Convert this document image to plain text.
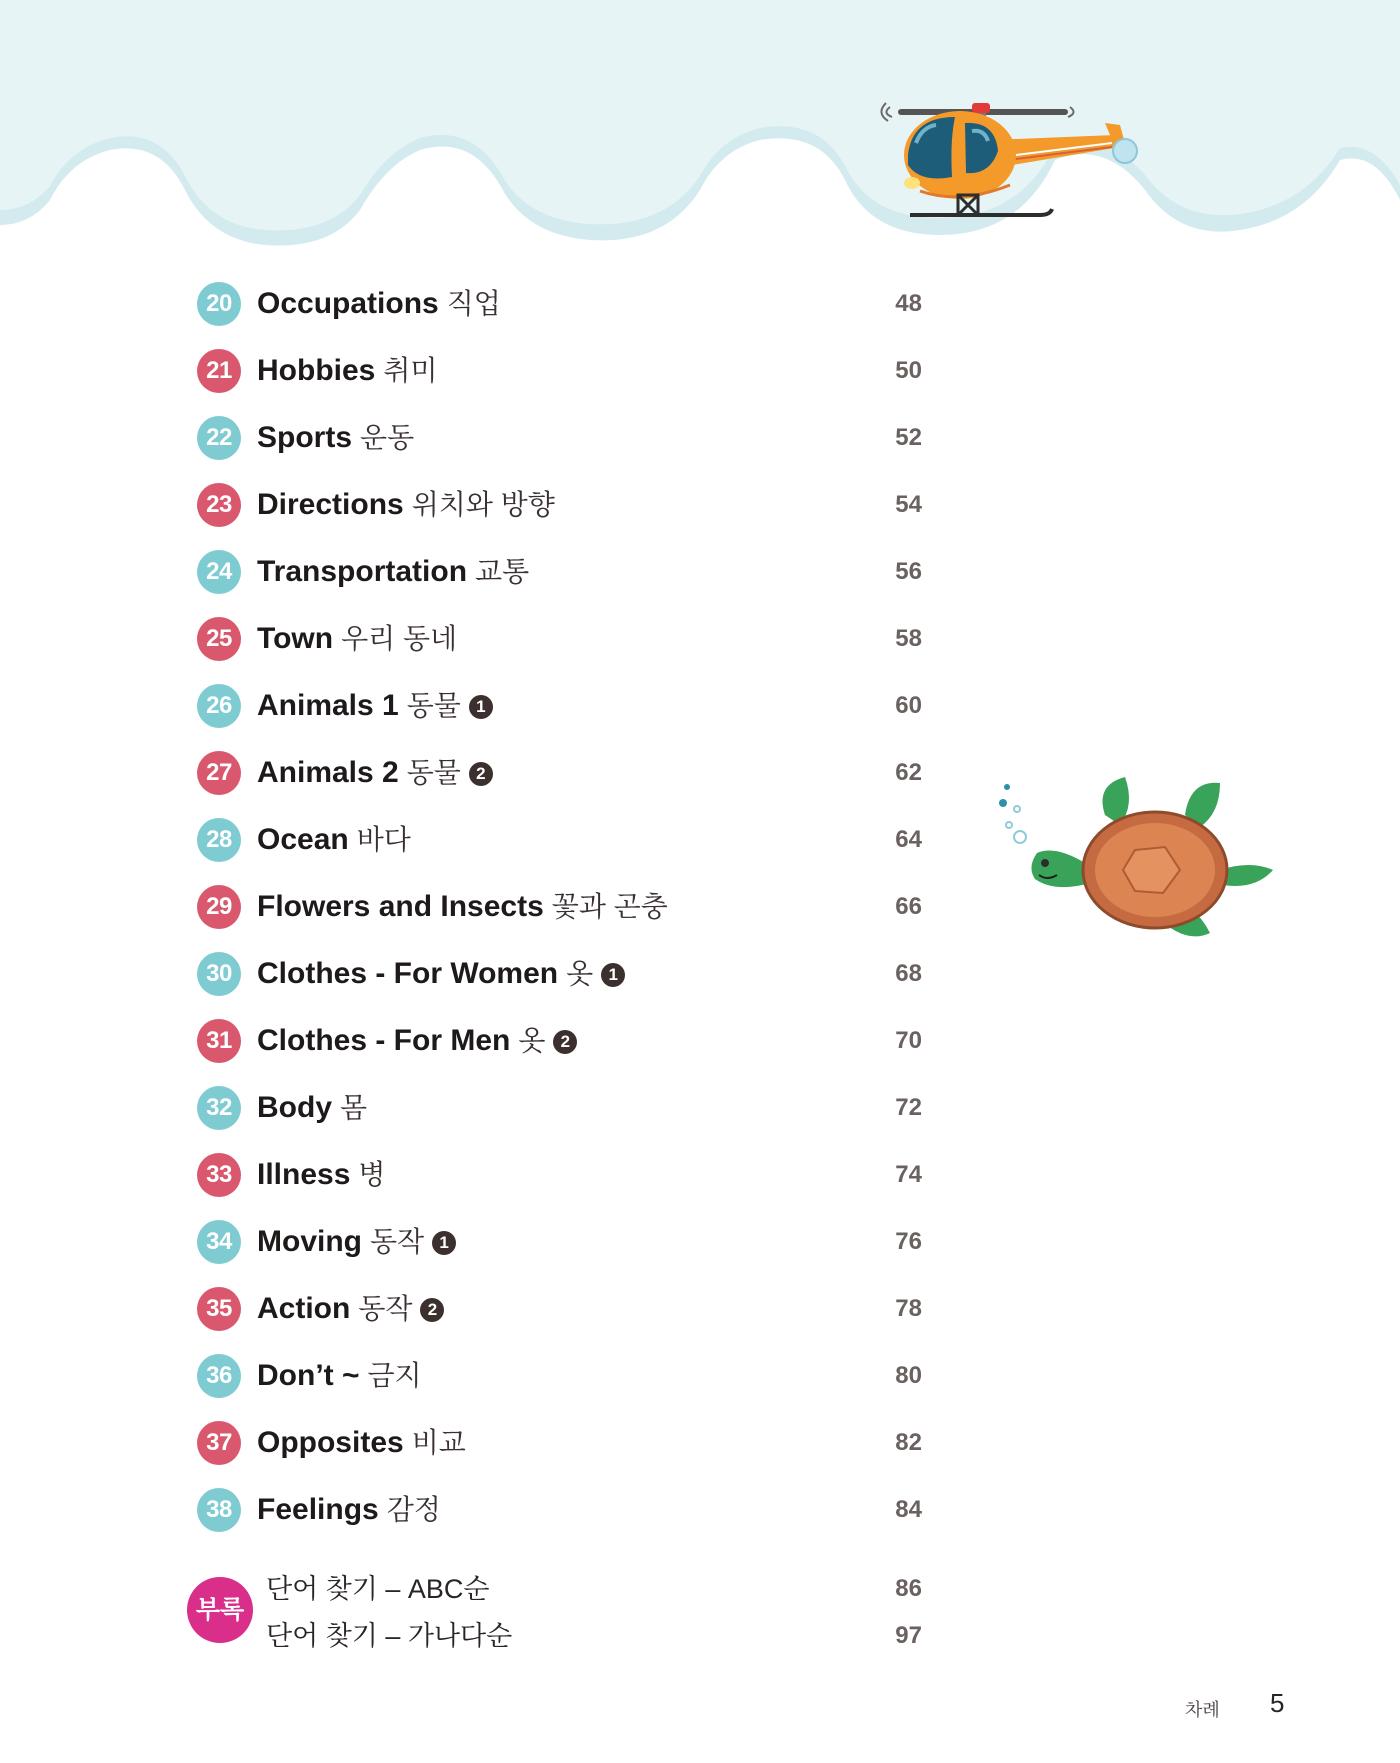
20 Occupations 직업	48
21 Hobbies 취미	50
22 Sports 운동	52
23 Directions 위치와 방향	54
24 Transportation 교통	56
25 Town 우리 동네	58
26 Animals 1 동물 1	60
27 Animals 2 동물 2	62
28 Ocean 바다	64
29 Flowers and Insects 꽃과 곤충	66
30 Clothes - For Women 옷 1	68
31 Clothes - For Men 옷 2	70
32 Body 몸	72
33 Illness 병	74
34 Moving 동작 1	76
35 Action 동작 2	78
36 Don’t ~ 금지	80
37 Opposites 비교	82
38 Feelings 감정	84
부록
단어 찾기 – ABC순	86
단어 찾기 – 가나다순	97
차례 5
